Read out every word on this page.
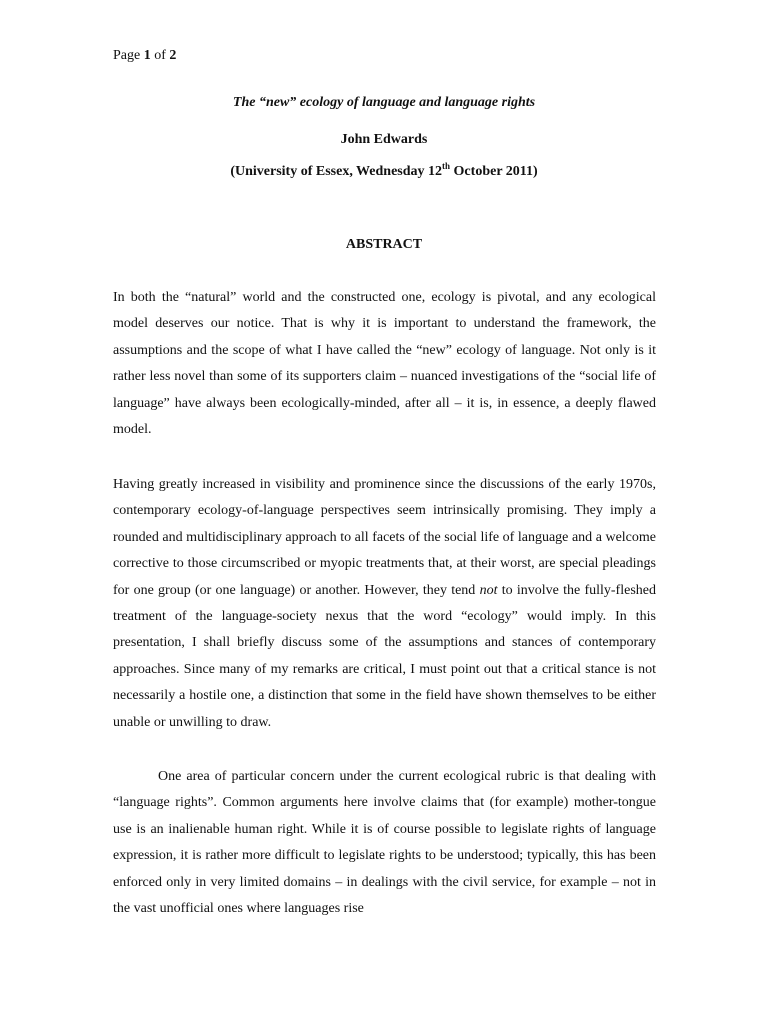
Page 1 of 2
The “new” ecology of language and language rights
John Edwards
(University of Essex, Wednesday 12th October 2011)
ABSTRACT

In both the “natural” world and the constructed one, ecology is pivotal, and any ecological model deserves our notice. That is why it is important to understand the framework, the assumptions and the scope of what I have called the “new” ecology of language. Not only is it rather less novel than some of its supporters claim – nuanced investigations of the “social life of language” have always been ecologically-minded, after all – it is, in essence, a deeply flawed model.

Having greatly increased in visibility and prominence since the discussions of the early 1970s, contemporary ecology-of-language perspectives seem intrinsically promising. They imply a rounded and multidisciplinary approach to all facets of the social life of language and a welcome corrective to those circumscribed or myopic treatments that, at their worst, are special pleadings for one group (or one language) or another. However, they tend not to involve the fully-fleshed treatment of the language-society nexus that the word “ecology” would imply. In this presentation, I shall briefly discuss some of the assumptions and stances of contemporary approaches. Since many of my remarks are critical, I must point out that a critical stance is not necessarily a hostile one, a distinction that some in the field have shown themselves to be either unable or unwilling to draw.

One area of particular concern under the current ecological rubric is that dealing with “language rights”. Common arguments here involve claims that (for example) mother-tongue use is an inalienable human right. While it is of course possible to legislate rights of language expression, it is rather more difficult to legislate rights to be understood; typically, this has been enforced only in very limited domains – in dealings with the civil service, for example – not in the vast unofficial ones where languages rise
